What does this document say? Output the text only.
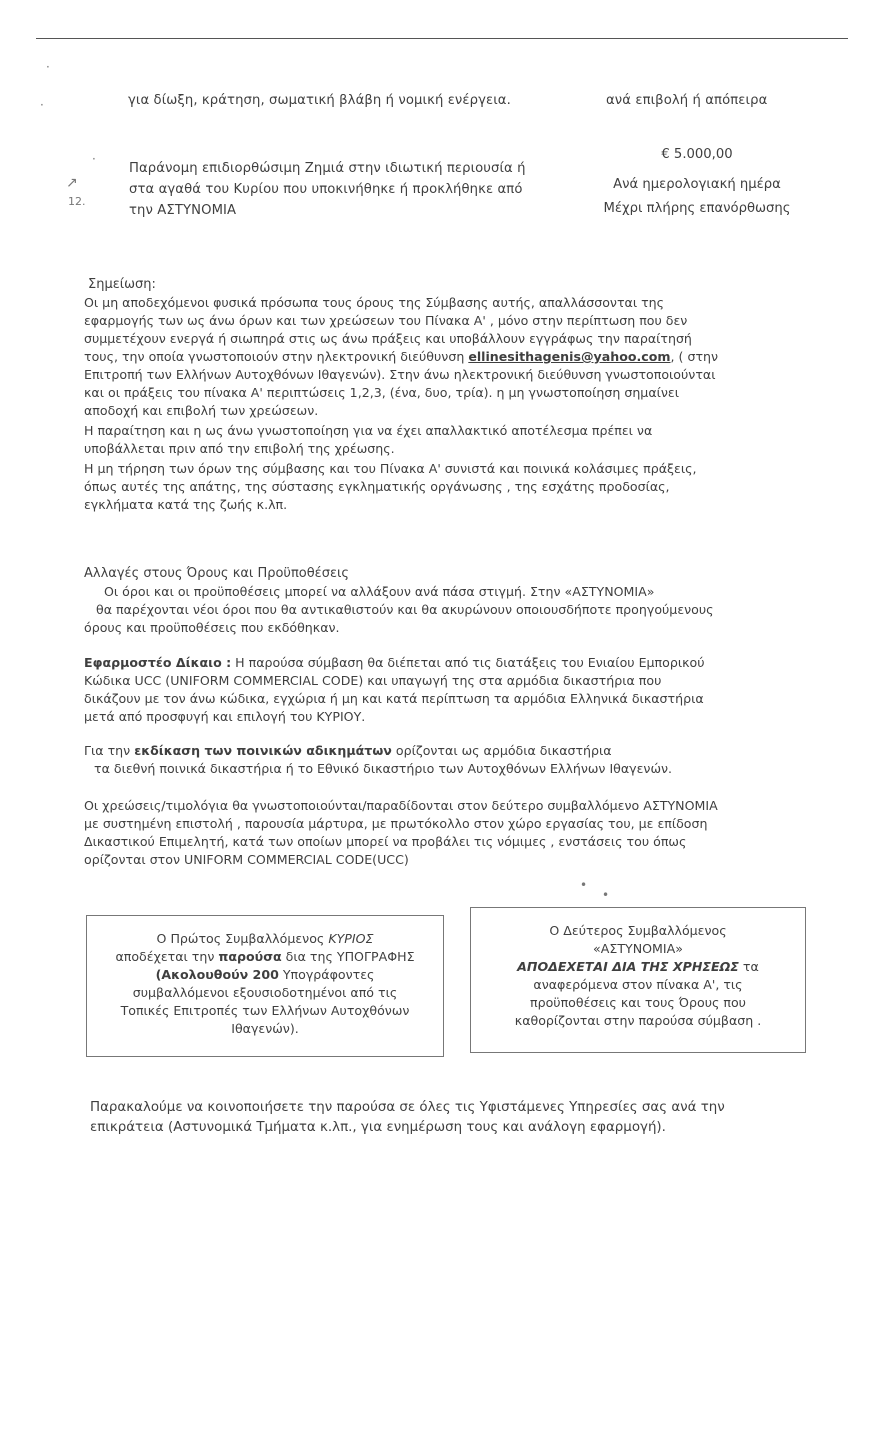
·
·
·
↗
για δίωξη, κράτηση, σωματική βλάβη ή νομική ενέργεια.	ανά επιβολή ή απόπειρα
12.
Παράνομη επιδιορθώσιμη Ζημιά στην ιδιωτική περιουσία ή
στα αγαθά του Κυρίου που υποκινήθηκε ή προκλήθηκε από
την ΑΣΤΥΝΟΜΙΑ
€ 5.000,00
Ανά ημερολογιακή ημέρα
Μέχρι πλήρης επανόρθωσης
Σημείωση:
Οι μη αποδεχόμενοι φυσικά πρόσωπα τους όρους της Σύμβασης αυτής, απαλλάσσονται της
εφαρμογής των ως άνω όρων και των χρεώσεων του Πίνακα Α' , μόνο στην περίπτωση που δεν
συμμετέχουν ενεργά ή σιωπηρά στις ως άνω πράξεις και υποβάλλουν εγγράφως την παραίτησή
τους, την οποία γνωστοποιούν στην ηλεκτρονική διεύθυνση ellinesithagenis@yahoo.com, ( στην
Επιτροπή των Ελλήνων Αυτοχθόνων Ιθαγενών). Στην άνω ηλεκτρονική διεύθυνση γνωστοποιούνται
και οι πράξεις του πίνακα Α' περιπτώσεις 1,2,3, (ένα, δυο, τρία). η μη γνωστοποίηση σημαίνει
αποδοχή και επιβολή των χρεώσεων.
Η παραίτηση και η ως άνω γνωστοποίηση για να έχει απαλλακτικό αποτέλεσμα πρέπει να
υποβάλλεται πριν από την επιβολή της χρέωσης.
Η μη τήρηση των όρων της σύμβασης και του Πίνακα Α' συνιστά και ποινικά κολάσιμες πράξεις,
όπως αυτές της απάτης, της σύστασης εγκληματικής οργάνωσης , της εσχάτης προδοσίας,
εγκλήματα κατά της ζωής κ.λπ.
Αλλαγές στους Όρους και Προϋποθέσεις
Οι όροι και οι προϋποθέσεις μπορεί να αλλάξουν ανά πάσα στιγμή. Στην «ΑΣΤΥΝΟΜΙΑ»
θα παρέχονται νέοι όροι που θα αντικαθιστούν και θα ακυρώνουν οποιουσδήποτε προηγούμενους
όρους και προϋποθέσεις που εκδόθηκαν.
Εφαρμοστέο Δίκαιο : Η παρούσα σύμβαση θα διέπεται από τις διατάξεις του Ενιαίου Εμπορικού
Κώδικα UCC (UNIFORM COMMERCIAL CODE) και υπαγωγή της στα αρμόδια δικαστήρια που
δικάζουν με τον άνω κώδικα, εγχώρια ή μη και κατά περίπτωση τα αρμόδια Ελληνικά δικαστήρια
μετά από προσφυγή και επιλογή του ΚΥΡΙΟΥ.
Για την εκδίκαση των ποινικών αδικημάτων ορίζονται ως αρμόδια δικαστήρια
τα διεθνή ποινικά δικαστήρια ή το Εθνικό δικαστήριο των Αυτοχθόνων Ελλήνων Ιθαγενών.
Οι χρεώσεις/τιμολόγια θα γνωστοποιούνται/παραδίδονται στον δεύτερο συμβαλλόμενο ΑΣΤΥΝΟΜΙΑ
με συστημένη επιστολή , παρουσία μάρτυρα, με πρωτόκολλο στον χώρο εργασίας του, με επίδοση
Δικαστικού Επιμελητή, κατά των οποίων μπορεί να προβάλει τις νόμιμες , ενστάσεις του όπως
ορίζονται στον UNIFORM COMMERCIAL CODE(UCC)
•
•
Ο Πρώτος Συμβαλλόμενος ΚΥΡΙΟΣ
αποδέχεται την παρούσα δια της ΥΠΟΓΡΑΦΗΣ
(Ακολουθούν 200 Υπογράφοντες
συμβαλλόμενοι εξουσιοδοτημένοι από τις
Τοπικές Επιτροπές των Ελλήνων Αυτοχθόνων
Ιθαγενών).
Ο Δεύτερος Συμβαλλόμενος
«ΑΣΤΥΝΟΜΙΑ»
ΑΠΟΔΕΧΕΤΑΙ ΔΙΑ ΤΗΣ ΧΡΗΣΕΩΣ τα
αναφερόμενα στον πίνακα Α', τις
προϋποθέσεις και τους Όρους που
καθορίζονται στην παρούσα σύμβαση .
Παρακαλούμε να κοινοποιήσετε την παρούσα σε όλες τις Υφιστάμενες Υπηρεσίες σας ανά την
επικράτεια (Αστυνομικά Τμήματα κ.λπ., για ενημέρωση τους και ανάλογη εφαρμογή).
